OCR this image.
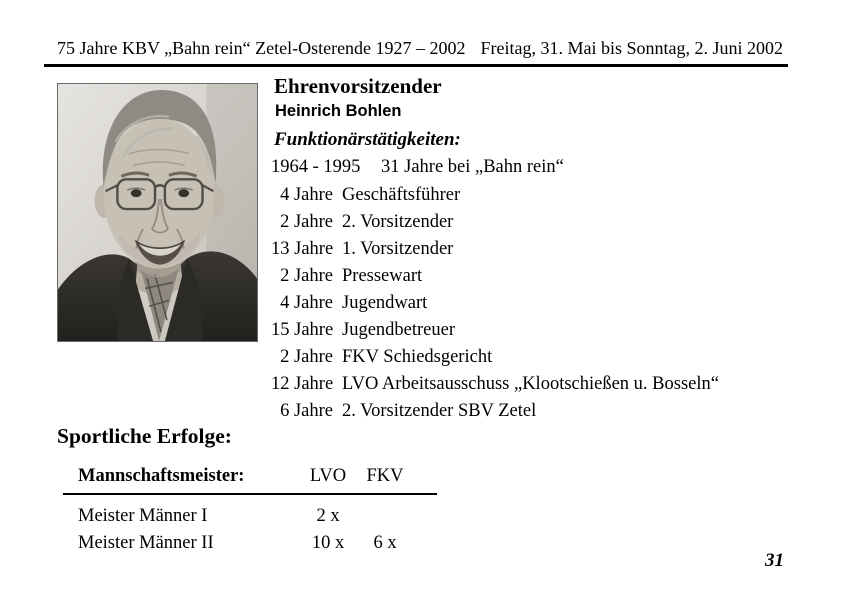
75 Jahre KBV „Bahn rein“ Zetel-Osterende 1927 – 2002 Freitag, 31. Mai bis Sonntag, 2. Juni 2002
Ehrenvorsitzender
Heinrich Bohlen
Funktionärstätigkeiten:
1964 - 1995 31 Jahre bei „Bahn rein“
4 Jahre Geschäftsführer
2 Jahre 2. Vorsitzender
13 Jahre 1. Vorsitzender
2 Jahre Pressewart
4 Jahre Jugendwart
15 Jahre Jugendbetreuer
2 Jahre FKV Schiedsgericht
12 Jahre LVO Arbeitsausschuss „Klootschießen u. Bosseln“
6 Jahre 2. Vorsitzender SBV Zetel
Sportliche Erfolge:
Mannschaftsmeister:	LVO	FKV
Meister Männer I	2 x
Meister Männer II	10 x	6 x
31
